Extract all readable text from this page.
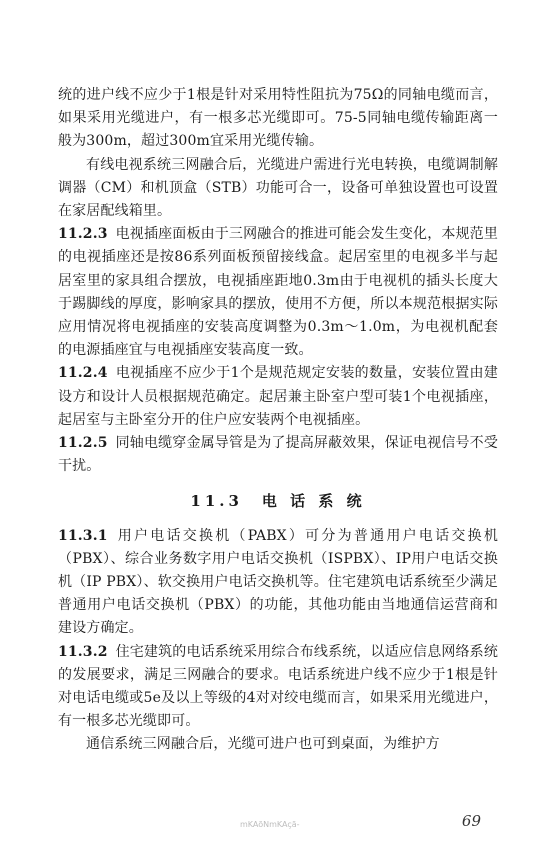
统的进户线不应少于1根是针对采用特性阻抗为75Ω的同轴电缆而言，如果采用光缆进户，有一根多芯光缆即可。75-5同轴电缆传输距离一般为300m，超过300m宜采用光缆传输。

有线电视系统三网融合后，光缆进户需进行光电转换，电缆调制解调器（CM）和机顶盒（STB）功能可合一，设备可单独设置也可设置在家居配线箱里。

11.2.3 电视插座面板由于三网融合的推进可能会发生变化，本规范里的电视插座还是按86系列面板预留接线盒。起居室里的电视多半与起居室里的家具组合摆放，电视插座距地0.3m由于电视机的插头长度大于踢脚线的厚度，影响家具的摆放，使用不方便，所以本规范根据实际应用情况将电视插座的安装高度调整为0.3m～1.0m，为电视机配套的电源插座宜与电视插座安装高度一致。

11.2.4 电视插座不应少于1个是规范规定安装的数量，安装位置由建设方和设计人员根据规范确定。起居兼主卧室户型可装1个电视插座，起居室与主卧室分开的住户应安装两个电视插座。

11.2.5 同轴电缆穿金属导管是为了提高屏蔽效果，保证电视信号不受干扰。

11.3　电 话 系 统

11.3.1 用户电话交换机（PABX）可分为普通用户电话交换机（PBX）、综合业务数字用户电话交换机（ISPBX）、IP用户电话交换机（IP PBX）、软交换用户电话交换机等。住宅建筑电话系统至少满足普通用户电话交换机（PBX）的功能，其他功能由当地通信运营商和建设方确定。

11.3.2 住宅建筑的电话系统采用综合布线系统，以适应信息网络系统的发展要求，满足三网融合的要求。电话系统进户线不应少于1根是针对电话电缆或5e及以上等级的4对对绞电缆而言，如果采用光缆进户，有一根多芯光缆即可。

通信系统三网融合后，光缆可进户也可到桌面，为维护方

mKAõNmKAçã-	69
